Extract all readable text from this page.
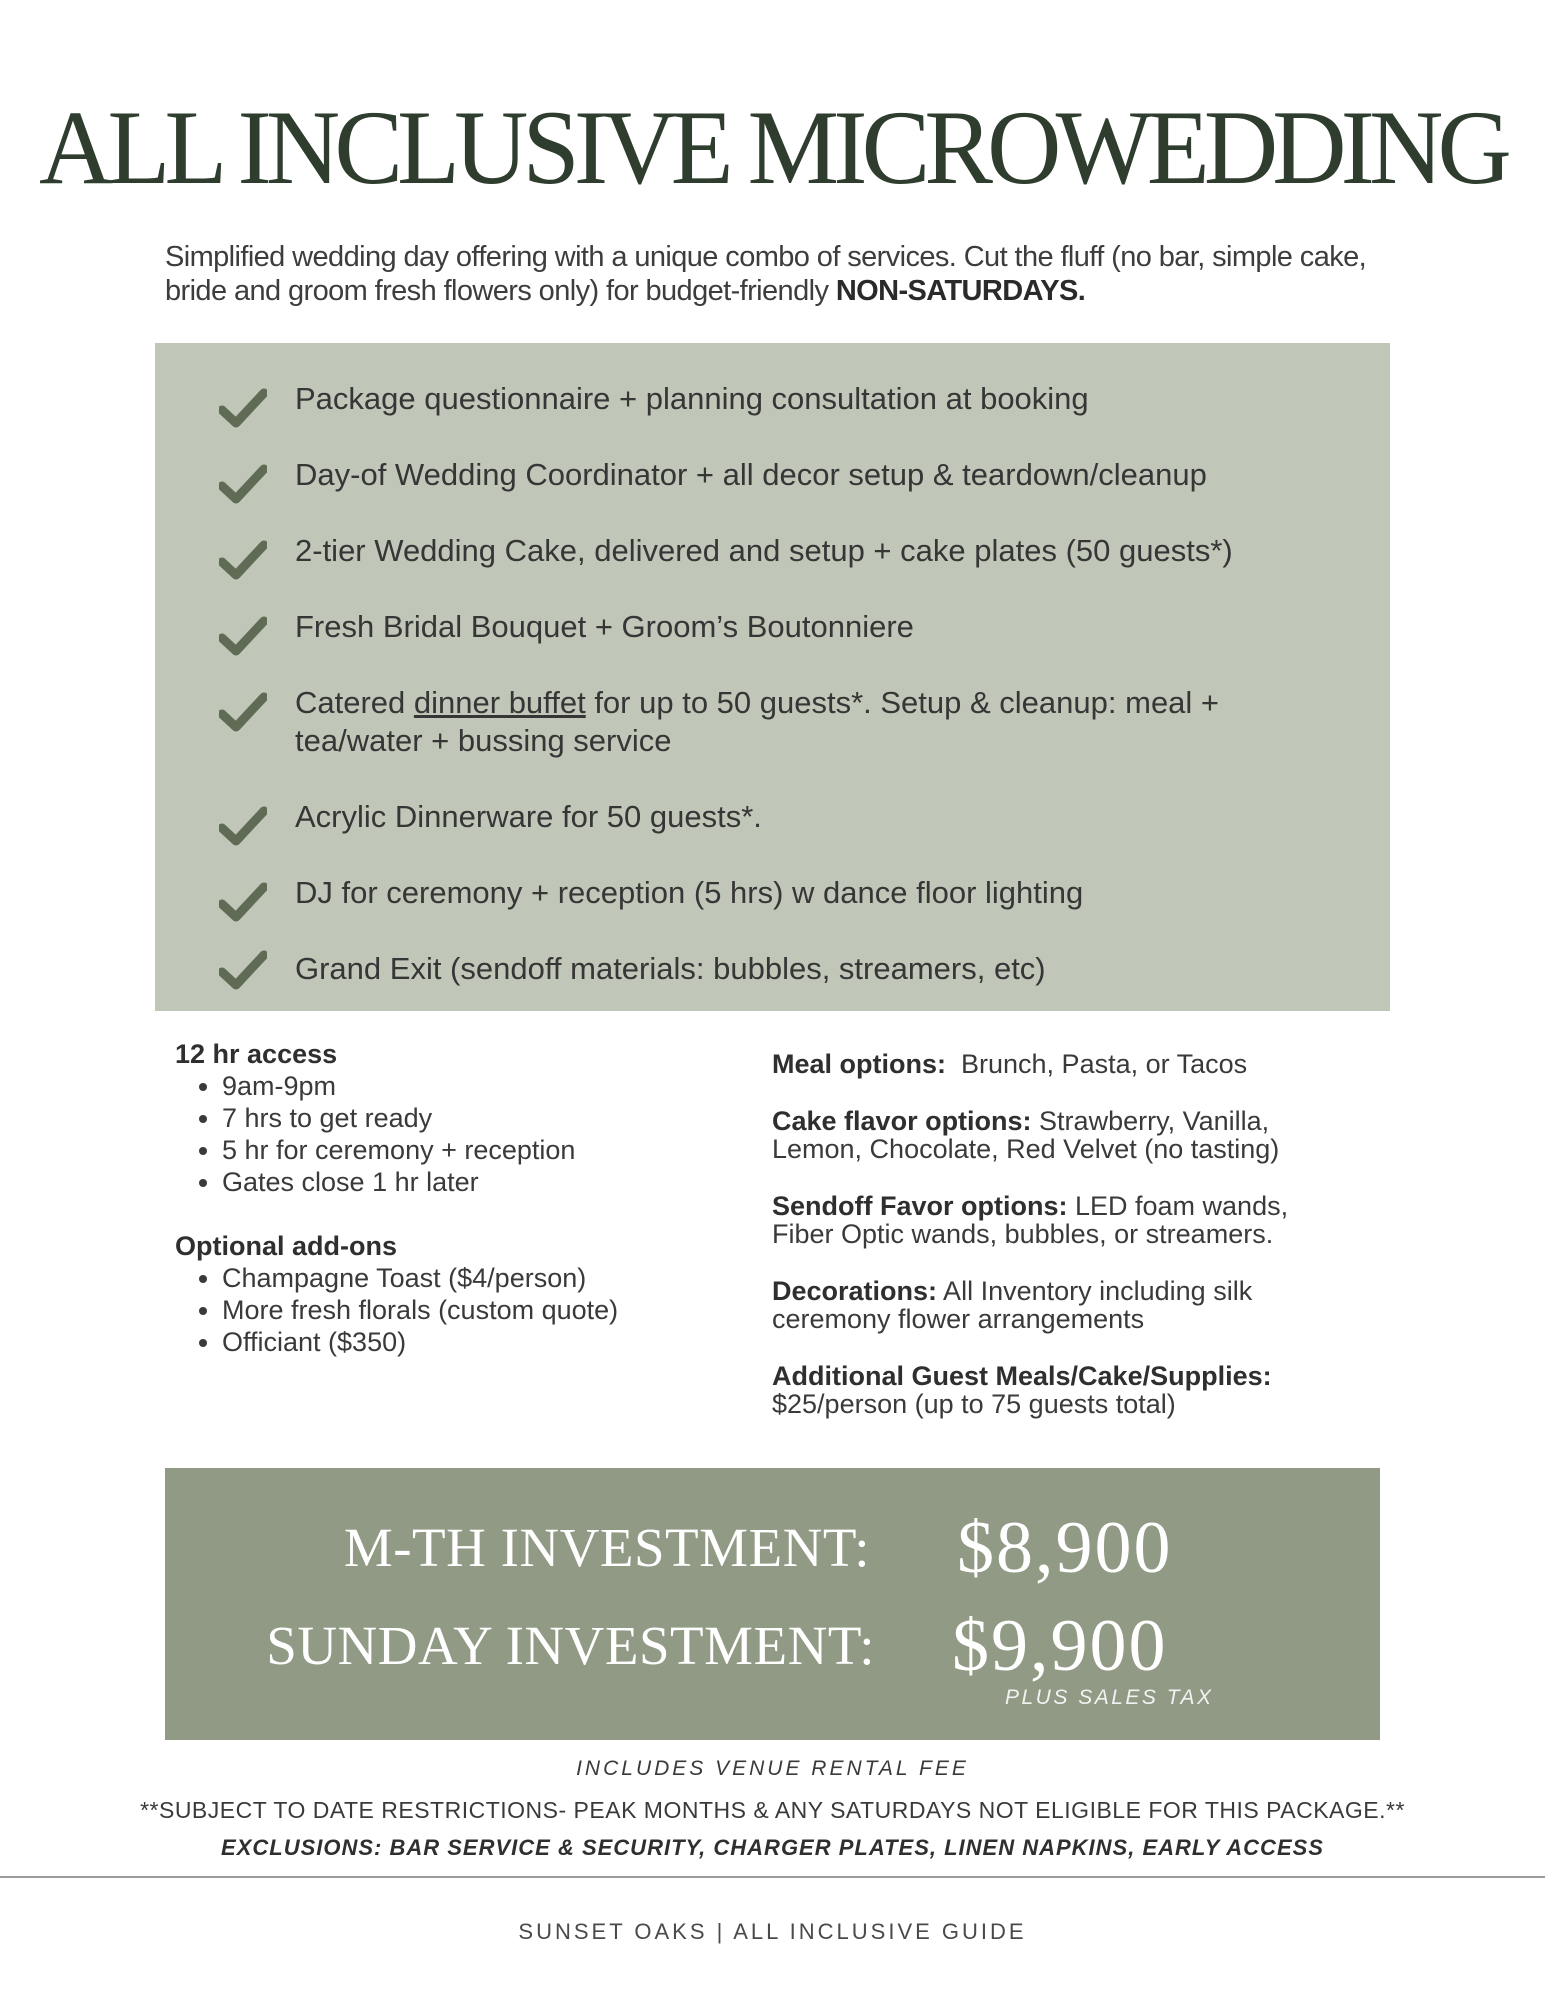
ALL INCLUSIVE MICROWEDDING
Simplified wedding day offering with a unique combo of services. Cut the fluff (no bar, simple cake, bride and groom fresh flowers only) for budget-friendly NON-SATURDAYS.
Package questionnaire + planning consultation at booking
Day-of Wedding Coordinator + all decor setup & teardown/cleanup
2-tier Wedding Cake, delivered and setup + cake plates (50 guests*)
Fresh Bridal Bouquet + Groom’s Boutonniere
Catered dinner buffet for up to 50 guests*. Setup & cleanup: meal + tea/water + bussing service
Acrylic Dinnerware for 50 guests*.
DJ for ceremony + reception (5 hrs) w dance floor lighting
Grand Exit (sendoff materials: bubbles, streamers, etc)
12 hr access
• 9am-9pm
• 7 hrs to get ready
• 5 hr for ceremony + reception
• Gates close 1 hr later
Optional add-ons
• Champagne Toast ($4/person)
• More fresh florals (custom quote)
• Officiant ($350)
Meal options:  Brunch, Pasta, or Tacos
Cake flavor options: Strawberry, Vanilla, Lemon, Chocolate, Red Velvet (no tasting)
Sendoff Favor options: LED foam wands, Fiber Optic wands, bubbles, or streamers.
Decorations: All Inventory including silk ceremony flower arrangements
Additional Guest Meals/Cake/Supplies:
$25/person (up to 75 guests total)
M-TH INVESTMENT: $8,900
SUNDAY INVESTMENT: $9,900
PLUS SALES TAX
INCLUDES VENUE RENTAL FEE
**SUBJECT TO DATE RESTRICTIONS- PEAK MONTHS & ANY SATURDAYS NOT ELIGIBLE FOR THIS PACKAGE.**
EXCLUSIONS: BAR SERVICE & SECURITY, CHARGER PLATES, LINEN NAPKINS, EARLY ACCESS
SUNSET OAKS | ALL INCLUSIVE GUIDE
